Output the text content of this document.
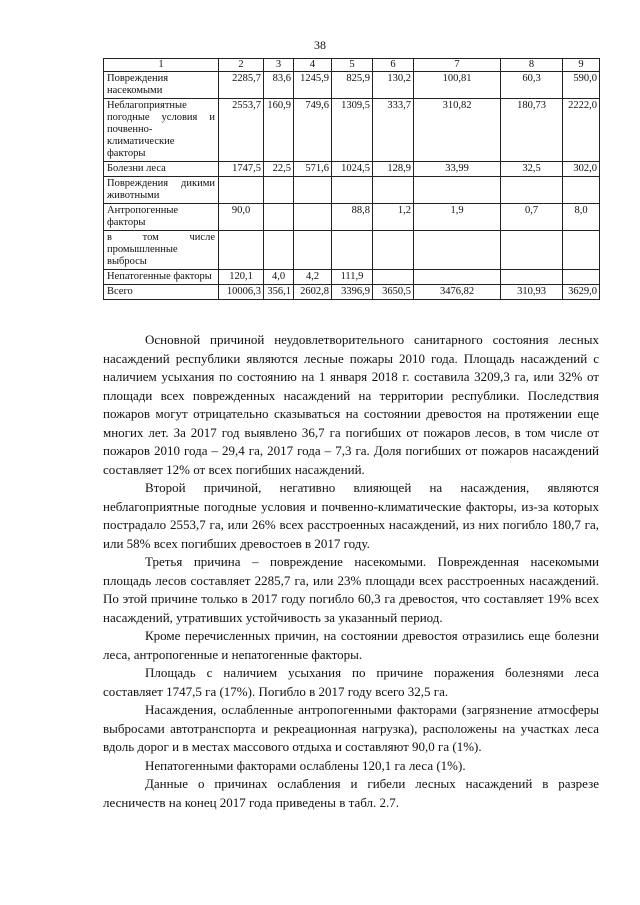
38
1	2	3	4	5	6	7	8	9
Повреждения насекомыми	2285,7	83,6	1245,9	825,9	130,2	100,81	60,3	590,0
Неблагоприятные погодные условия и почвенно-климатические факторы	2553,7	160,9	749,6	1309,5	333,7	310,82	180,73	2222,0
Болезни леса	1747,5	22,5	571,6	1024,5	128,9	33,99	32,5	302,0
Повреждения дикими животными								
Антропогенные факторы	90,0			88,8	1,2	1,9	0,7	8,0
в том числе промышленные выбросы								
Непатогенные факторы	120,1	4,0	4,2	111,9				
Всего	10006,3	356,1	2602,8	3396,9	3650,5	3476,82	310,93	3629,0

Основной причиной неудовлетворительного санитарного состояния лесных насаждений республики являются лесные пожары 2010 года. Площадь насаждений с наличием усыхания по состоянию на 1 января 2018 г. составила 3209,3 га, или 32% от площади всех поврежденных насаждений на территории республики. Последствия пожаров могут отрицательно сказываться на состоянии древостоя на протяжении еще многих лет. За 2017 год выявлено 36,7 га погибших от пожаров лесов, в том числе от пожаров 2010 года – 29,4 га, 2017 года – 7,3 га. Доля погибших от пожаров насаждений составляет 12% от всех погибших насаждений.

Второй причиной, негативно влияющей на насаждения, являются неблагоприятные погодные условия и почвенно-климатические факторы, из-за которых пострадало 2553,7 га, или 26% всех расстроенных насаждений, из них погибло 180,7 га, или 58% всех погибших древостоев в 2017 году.

Третья причина – повреждение насекомыми. Поврежденная насекомыми площадь лесов составляет 2285,7 га, или 23% площади всех расстроенных насаждений. По этой причине только в 2017 году погибло 60,3 га древостоя, что составляет 19% всех насаждений, утративших устойчивость за указанный период.

Кроме перечисленных причин, на состоянии древостоя отразились еще болезни леса, антропогенные и непатогенные факторы.

Площадь с наличием усыхания по причине поражения болезнями леса составляет 1747,5 га (17%). Погибло в 2017 году всего 32,5 га.

Насаждения, ослабленные антропогенными факторами (загрязнение атмосферы выбросами автотранспорта и рекреационная нагрузка), расположены на участках леса вдоль дорог и в местах массового отдыха и составляют 90,0 га (1%).

Непатогенными факторами ослаблены 120,1 га леса (1%).

Данные о причинах ослабления и гибели лесных насаждений в разрезе лесничеств на конец 2017 года приведены в табл. 2.7.
